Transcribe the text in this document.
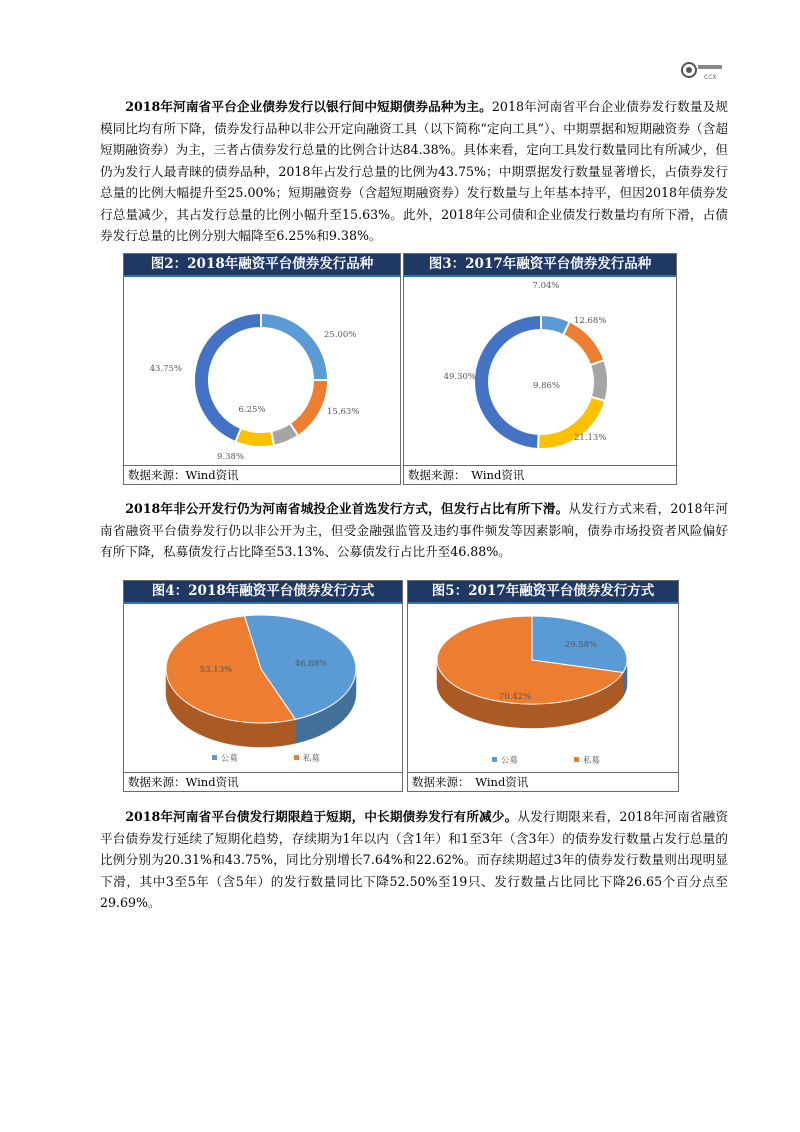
CCX

2018年河南省平台企业债券发行以银行间中短期债券品种为主。2018年河南省平台企业债券发行数量及规模同比均有所下降，债券发行品种以非公开定向融资工具（以下简称“定向工具”）、中期票据和短期融资券（含超短期融资券）为主，三者占债券发行总量的比例合计达84.38%。具体来看，定向工具发行数量同比有所减少，但仍为发行人最青睐的债券品种，2018年占发行总量的比例为43.75%；中期票据发行数量显著增长，占债券发行总量的比例大幅提升至25.00%；短期融资券（含超短期融资券）发行数量与上年基本持平，但因2018年债券发行总量减少，其占发行总量的比例小幅升至15.63%。此外，2018年公司债和企业债发行数量均有所下滑，占债券发行总量的比例分别大幅降至6.25%和9.38%。

图2：2018年融资平台债券发行品种
25.00%
15.63%
6.25%
9.38%
43.75%
数据来源：Wind资讯
图3：2017年融资平台债券发行品种
7.04%
12.68%
9.86%
21.13%
49.30%
数据来源：　Wind资讯

2018年非公开发行仍为河南省城投企业首选发行方式，但发行占比有所下滑。从发行方式来看，2018年河南省融资平台债券发行仍以非公开为主，但受金融强监管及违约事件频发等因素影响，债券市场投资者风险偏好有所下降，私募债发行占比降至53.13%、公募债发行占比升至46.88%。

图4：2018年融资平台债券发行方式
46.88%
53.13%
公募	私募
数据来源：Wind资讯
图5：2017年融资平台债券发行方式
29.58%
70.42%
公募	私募
数据来源：　Wind资讯

2018年河南省平台债发行期限趋于短期，中长期债券发行有所减少。从发行期限来看，2018年河南省融资平台债券发行延续了短期化趋势，存续期为1年以内（含1年）和1至3年（含3年）的债券发行数量占发行总量的比例分别为20.31%和43.75%，同比分别增长7.64%和22.62%。而存续期超过3年的债券发行数量则出现明显下滑，其中3至5年（含5年）的发行数量同比下降52.50%至19只、发行数量占比同比下降26.65个百分点至29.69%。
